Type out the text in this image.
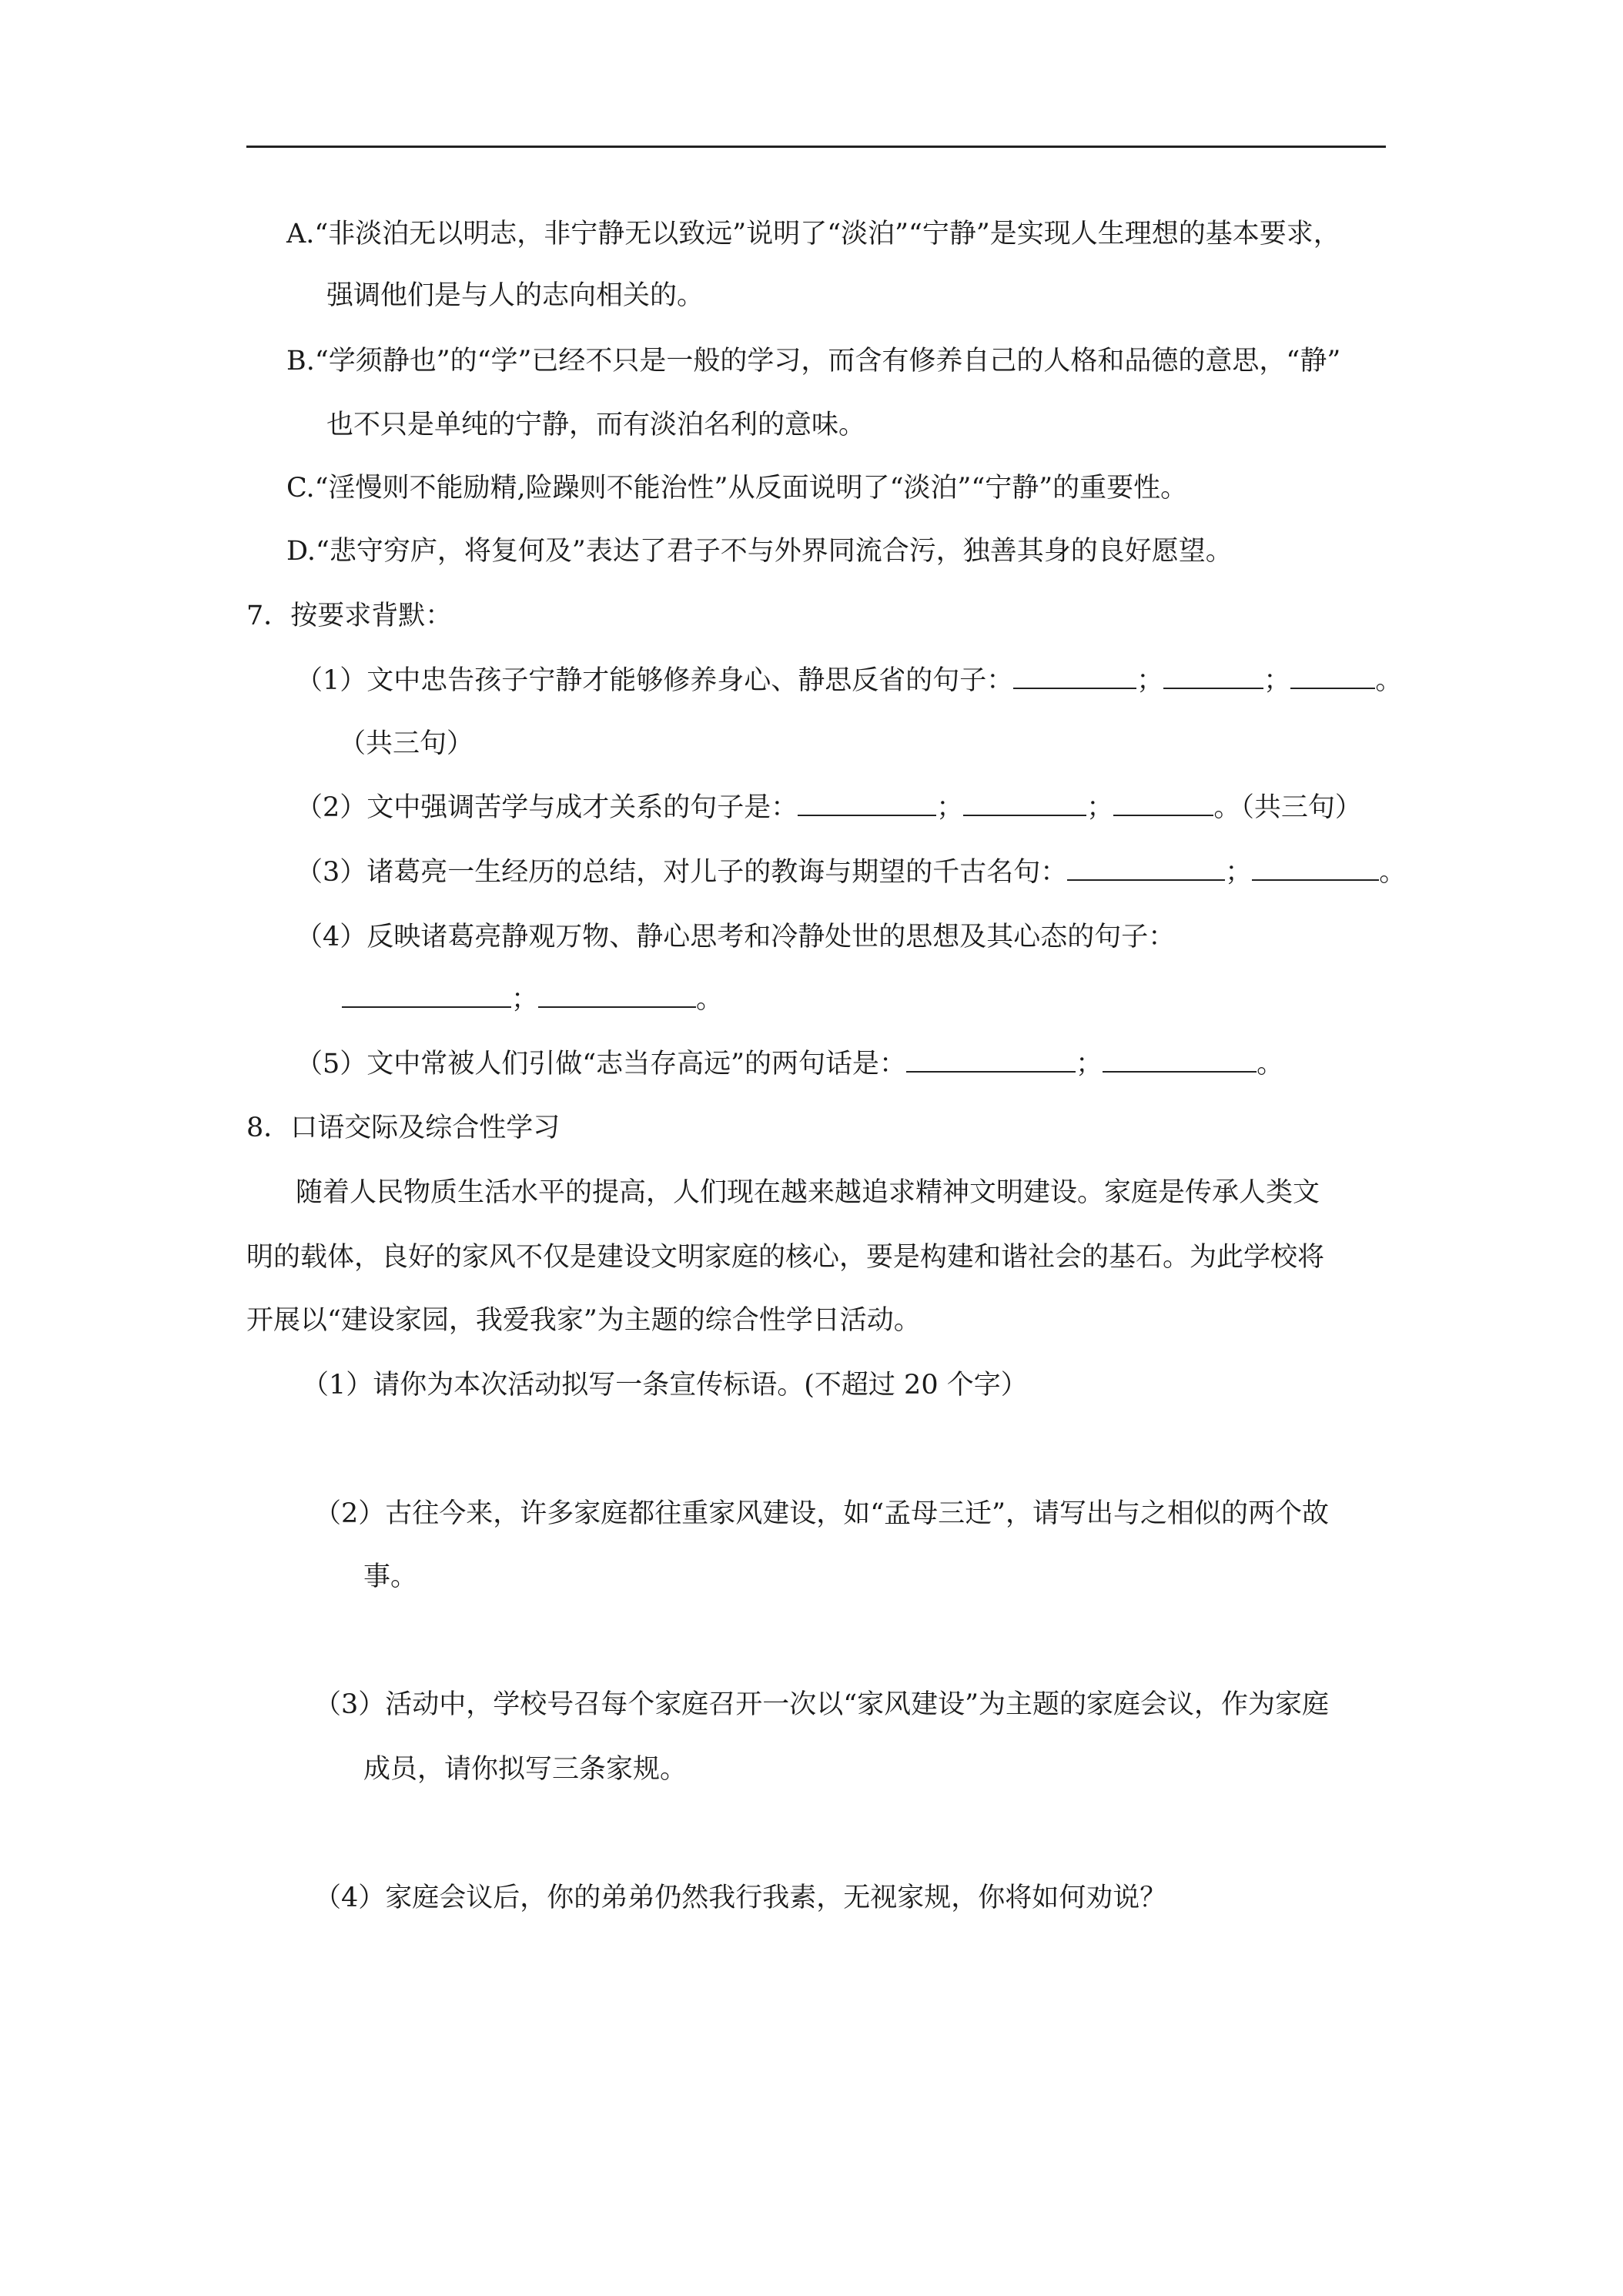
A.“非淡泊无以明志，非宁静无以致远”说明了“淡泊”“宁静”是实现人生理想的基本要求，
强调他们是与人的志向相关的。
B.“学须静也”的“学”已经不只是一般的学习，而含有修养自己的人格和品德的意思，“静”
也不只是单纯的宁静，而有淡泊名利的意味。
C.“淫慢则不能励精,险躁则不能治性”从反面说明了“淡泊”“宁静”的重要性。
D.“悲守穷庐，将复何及”表达了君子不与外界同流合污，独善其身的良好愿望。
7．按要求背默：
（1）文中忠告孩子宁静才能够修养身心、静思反省的句子：	；	；	。
（共三句）
（2）文中强调苦学与成才关系的句子是：	；	；	。（共三句）
（3）诸葛亮一生经历的总结，对儿子的教诲与期望的千古名句：	；	。
（4）反映诸葛亮静观万物、静心思考和冷静处世的思想及其心态的句子：
；	。
（5）文中常被人们引做“志当存高远”的两句话是：	；	。
8．口语交际及综合性学习
随着人民物质生活水平的提高，人们现在越来越追求精神文明建设。家庭是传承人类文
明的载体，良好的家风不仅是建设文明家庭的核心，要是构建和谐社会的基石。为此学校将
开展以“建设家园，我爱我家”为主题的综合性学日活动。
（1）请你为本次活动拟写一条宣传标语。(不超过 20 个字）
（2）古往今来，许多家庭都往重家风建设，如“孟母三迁”，请写出与之相似的两个故
事。
（3）活动中，学校号召每个家庭召开一次以“家风建设”为主题的家庭会议，作为家庭
成员，请你拟写三条家规。
（4）家庭会议后，你的弟弟仍然我行我素，无视家规，你将如何劝说？
